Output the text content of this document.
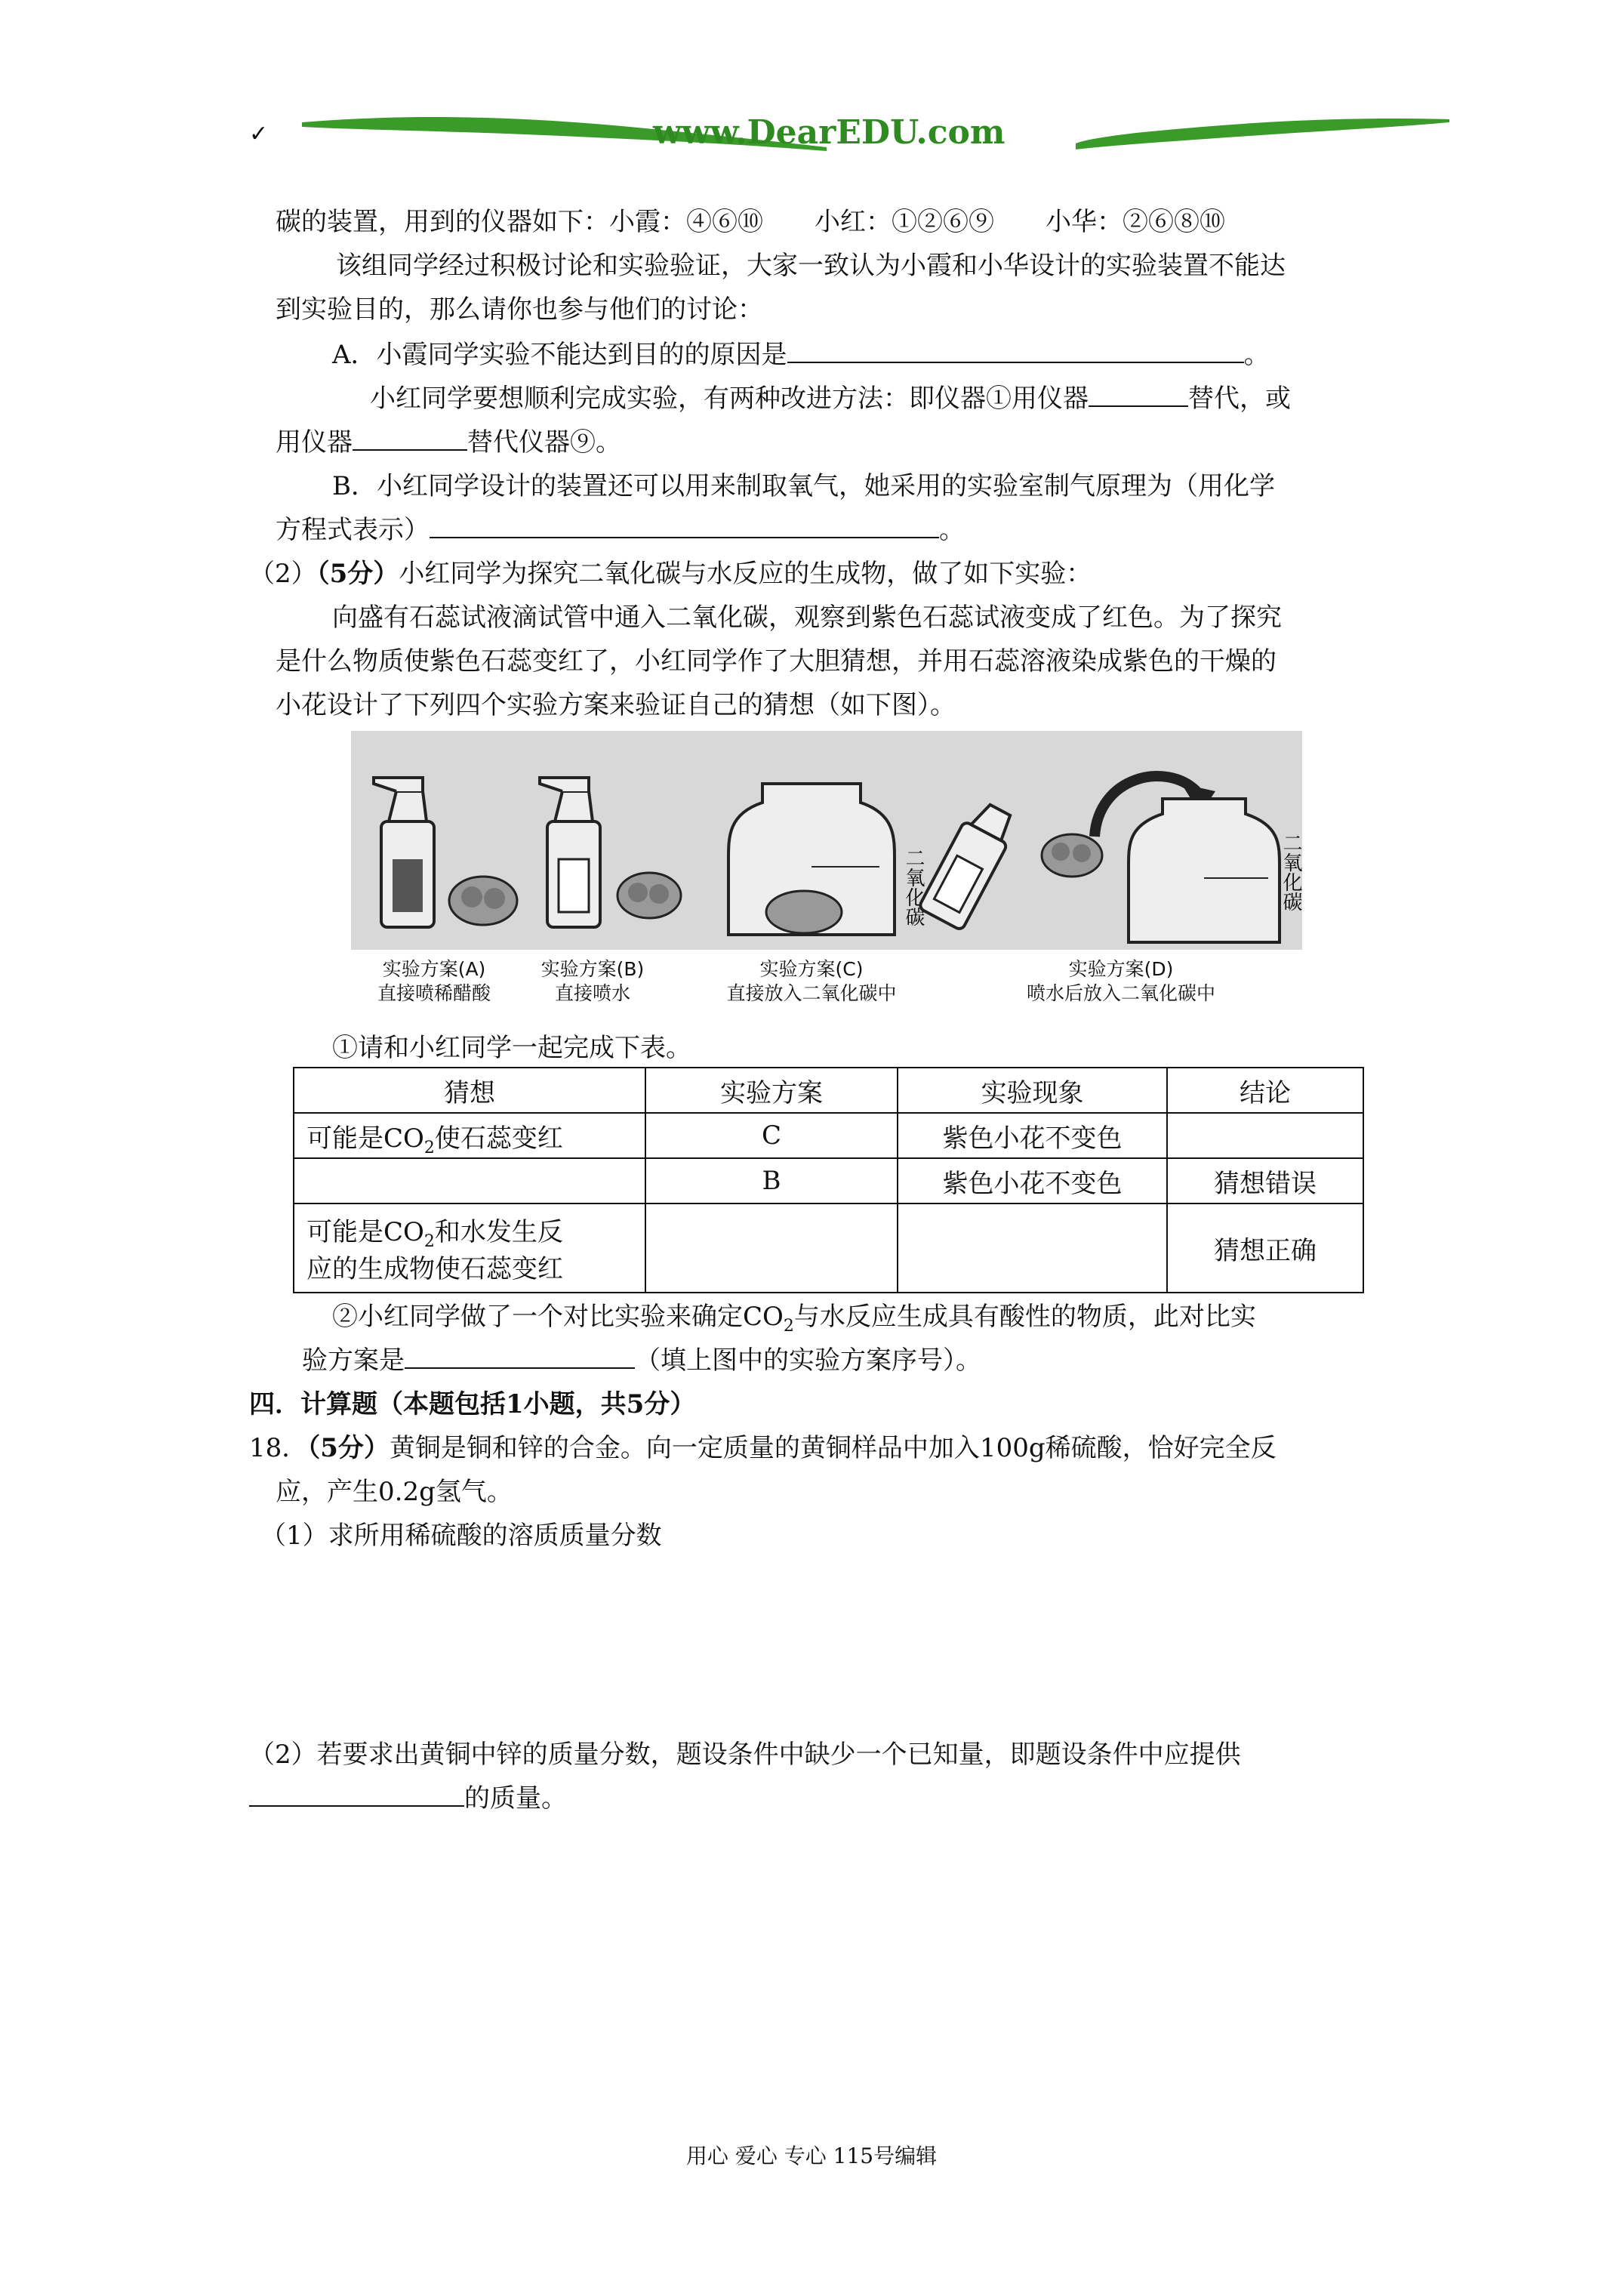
✓	www.DearEDU.com
碳的装置，用到的仪器如下：小霞：④⑥⑩　　小红：①②⑥⑨　　小华：②⑥⑧⑩
该组同学经过积极讨论和实验验证，大家一致认为小霞和小华设计的实验装置不能达
到实验目的，那么请你也参与他们的讨论：
A．小霞同学实验不能达到目的的原因是	。
小红同学要想顺利完成实验，有两种改进方法：即仪器①用仪器	替代，或
用仪器	替代仪器⑨。
B．小红同学设计的装置还可以用来制取氧气，她采用的实验室制气原理为（用化学
方程式表示）	。
（2）（5分）小红同学为探究二氧化碳与水反应的生成物，做了如下实验：
向盛有石蕊试液滴试管中通入二氧化碳，观察到紫色石蕊试液变成了红色。为了探究
是什么物质使紫色石蕊变红了，小红同学作了大胆猜想，并用石蕊溶液染成紫色的干燥的
小花设计了下列四个实验方案来验证自己的猜想（如下图）。
二氧化碳	二氧化碳
实验方案(A)
直接喷稀醋酸
实验方案(B)
直接喷水
实验方案(C)
直接放入二氧化碳中
实验方案(D)
喷水后放入二氧化碳中
①请和小红同学一起完成下表。
猜想	实验方案	实验现象	结论
可能是$CO_2$使石蕊变红	C	紫色小花不变色	
	B	紫色小花不变色	猜想错误

可能是$CO_2$和水发生反
应的生成物使石蕊变红			猜想正确
②小红同学做了一个对比实验来确定$CO_2$与水反应生成具有酸性的物质，此对比实
验方案是	（填上图中的实验方案序号）。
四．计算题（本题包括1小题，共5分）
18．（5分）黄铜是铜和锌的合金。向一定质量的黄铜样品中加入100g稀硫酸，恰好完全反
应，产生0.2g氢气。
（1）求所用稀硫酸的溶质质量分数
（2）若要求出黄铜中锌的质量分数，题设条件中缺少一个已知量，即题设条件中应提供
的质量。
用心 爱心 专心 115号编辑
